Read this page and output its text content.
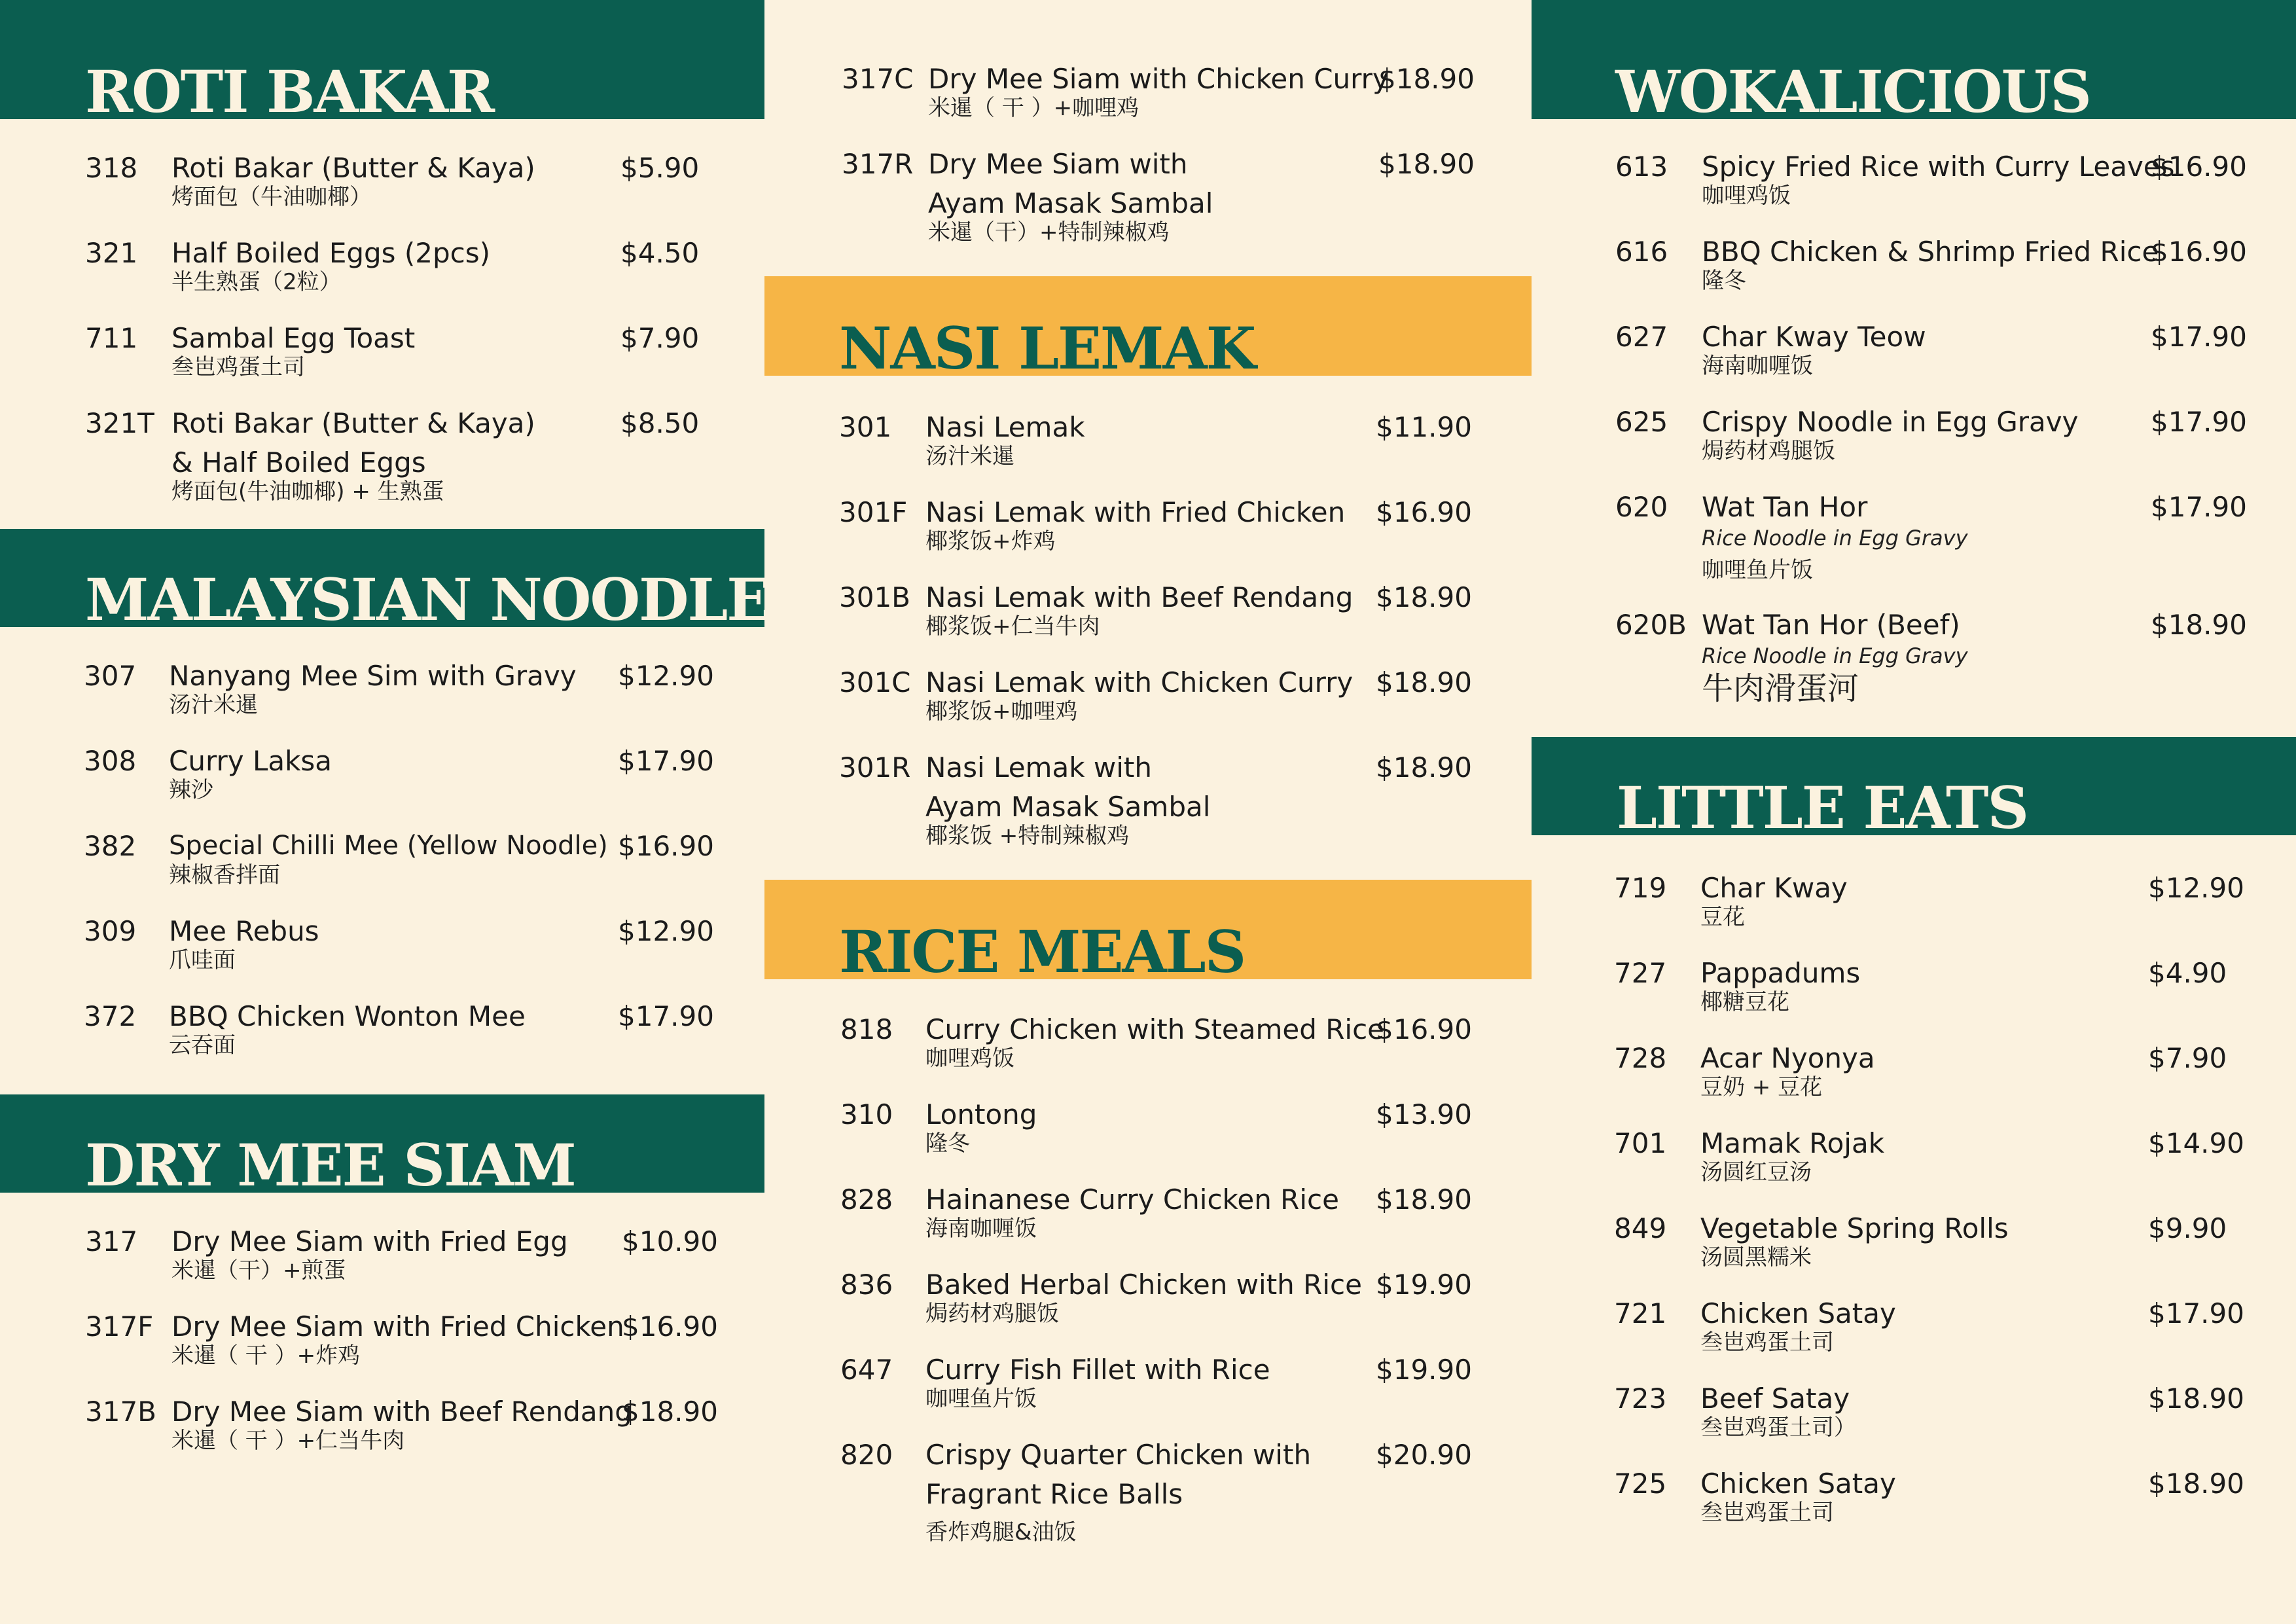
ROTI BAKAR
318 Roti Bakar (Butter & Kaya)
烤面包（牛油咖椰）
$5.90
321 Half Boiled Eggs (2pcs)
半生熟蛋（2粒）
$4.50
711 Sambal Egg Toast
叁岜鸡蛋土司
$7.90
321T Roti Bakar (Butter & Kaya)
& Half Boiled Eggs
烤面包(牛油咖椰) + 生熟蛋
$8.50
MALAYSIAN NOODLES
307 Nanyang Mee Sim with Gravy
汤汁米暹
$12.90
308 Curry Laksa
辣沙
$17.90
382 Special Chilli Mee (Yellow Noodle)
辣椒香拌面
$16.90
309 Mee Rebus
爪哇面
$12.90
372 BBQ Chicken Wonton Mee
云吞面
$17.90
DRY MEE SIAM
317 Dry Mee Siam with Fried Egg
米暹（干）+煎蛋
$10.90
317F Dry Mee Siam with Fried Chicken
米暹（ 干 ）+炸鸡
$16.90
317B Dry Mee Siam with Beef Rendang
米暹（ 干 ）+仁当牛肉
$18.90
317C Dry Mee Siam with Chicken Curry
米暹（ 干 ）+咖哩鸡
$18.90
317R Dry Mee Siam with
Ayam Masak Sambal
米暹（干）+特制辣椒鸡
$18.90
NASI LEMAK
301 Nasi Lemak
汤汁米暹
$11.90
301F Nasi Lemak with Fried Chicken
椰浆饭+炸鸡
$16.90
301B Nasi Lemak with Beef Rendang
椰浆饭+仁当牛肉
$18.90
301C Nasi Lemak with Chicken Curry
椰浆饭+咖哩鸡
$18.90
301R Nasi Lemak with
Ayam Masak Sambal
椰浆饭 +特制辣椒鸡
$18.90
RICE MEALS
818 Curry Chicken with Steamed Rice
咖哩鸡饭
$16.90
310 Lontong
隆冬
$13.90
828 Hainanese Curry Chicken Rice
海南咖喱饭
$18.90
836 Baked Herbal Chicken with Rice
焗药材鸡腿饭
$19.90
647 Curry Fish Fillet with Rice
咖哩鱼片饭
$19.90
820 Crispy Quarter Chicken with
Fragrant Rice Balls
香炸鸡腿&油饭
$20.90
WOKALICIOUS
613 Spicy Fried Rice with Curry Leaves
咖哩鸡饭
$16.90
616 BBQ Chicken & Shrimp Fried Rice
隆冬
$16.90
627 Char Kway Teow
海南咖喱饭
$17.90
625 Crispy Noodle in Egg Gravy
焗药材鸡腿饭
$17.90
620 Wat Tan Hor
Rice Noodle in Egg Gravy
咖哩鱼片饭
$17.90
620B Wat Tan Hor (Beef)
Rice Noodle in Egg Gravy
牛肉滑蛋河
$18.90
LITTLE EATS
719 Char Kway
豆花
$12.90
727 Pappadums
椰糖豆花
$4.90
728 Acar Nyonya
豆奶 + 豆花
$7.90
701 Mamak Rojak
汤圆红豆汤
$14.90
849 Vegetable Spring Rolls
汤圆黑糯米
$9.90
721 Chicken Satay
叁岜鸡蛋土司
$17.90
723 Beef Satay
叁岜鸡蛋土司）
$18.90
725 Chicken Satay
叁岜鸡蛋土司
$18.90
